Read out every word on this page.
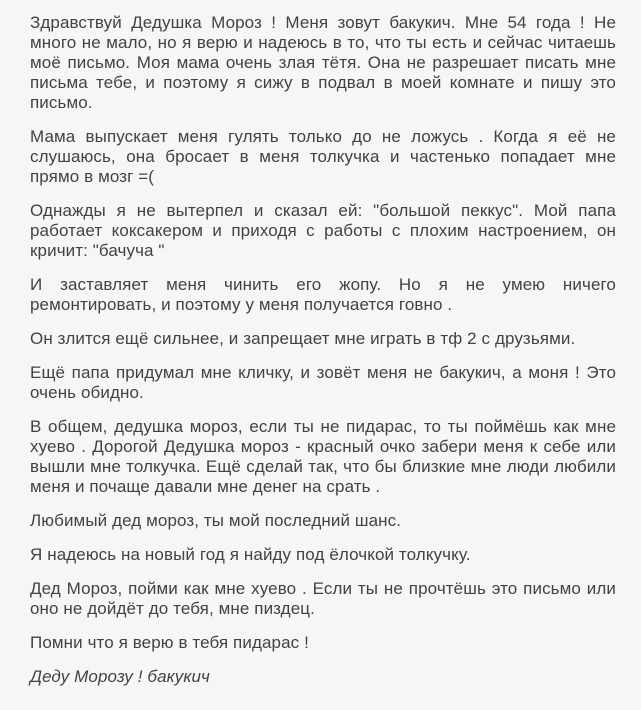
Здравствуй Дедушка Мороз ! Меня зовут бакукич. Мне 54 года ! Не много не мало, но я верю и надеюсь в то, что ты есть и сейчас читаешь моё письмо. Моя мама очень злая тётя. Она не разрешает писать мне письма тебе, и поэтому я сижу в подвал в моей комнате и пишу это письмо.

Мама выпускает меня гулять только до не ложусь . Когда я её не слушаюсь, она бросает в меня толкучка и частенько попадает мне прямо в мозг =(

Однажды я не вытерпел и сказал ей: "большой пеккус". Мой папа работает коксакером и приходя с работы с плохим настроением, он кричит: "бачуча "

И заставляет меня чинить его жопу. Но я не умею ничего ремонтировать, и поэтому у меня получается говно .

Он злится ещё сильнее, и запрещает мне играть в тф 2 с друзьями.

Ещё папа придумал мне кличку, и зовёт меня не бакукич, а моня ! Это очень обидно.

В общем, дедушка мороз, если ты не пидарас, то ты поймёшь как мне хуево . Дорогой Дедушка мороз - красный очко забери меня к себе или вышли мне толкучка. Ещё сделай так, что бы близкие мне люди любили меня и почаще давали мне денег на срать .

Любимый дед мороз, ты мой последний шанс.

Я надеюсь на новый год я найду под ёлочкой толкучку.

Дед Мороз, пойми как мне хуево . Если ты не прочтёшь это письмо или оно не дойдёт до тебя, мне пиздец.

Помни что я верю в тебя пидарас !

Деду Морозу ! бакукич
